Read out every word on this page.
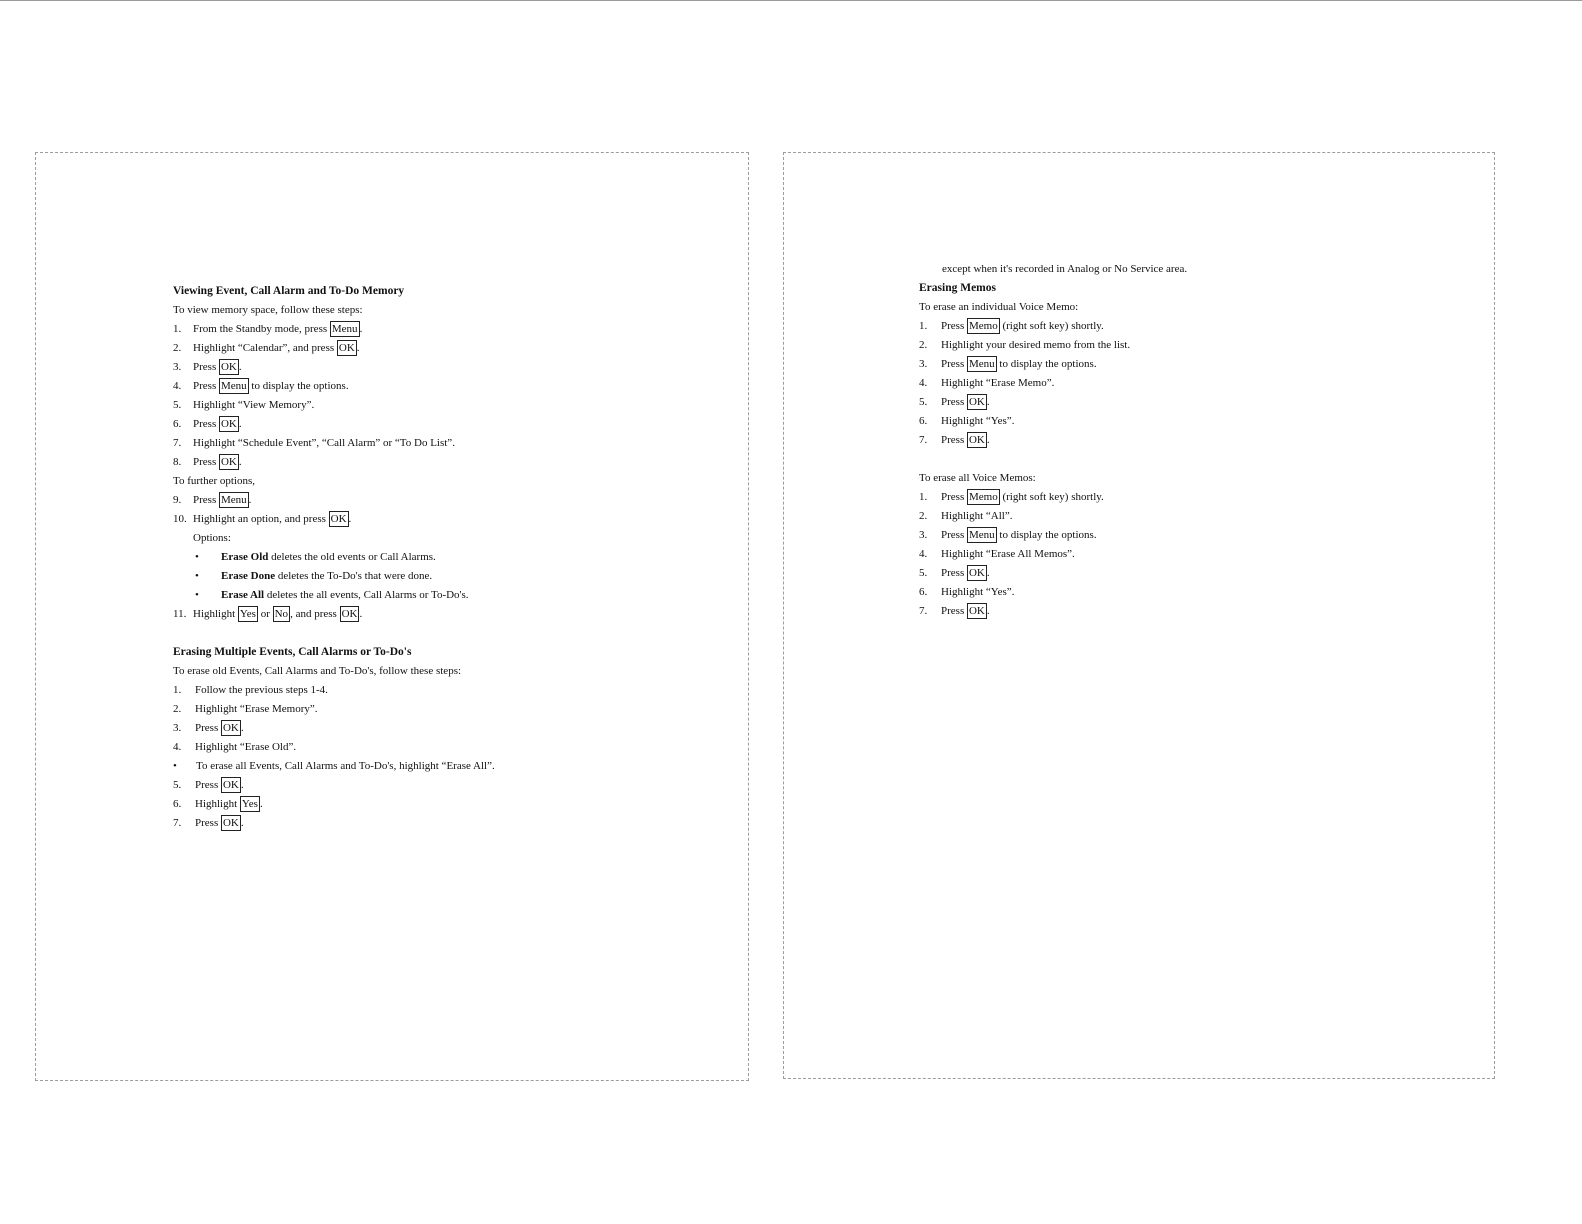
Viewing Event, Call Alarm and To-Do Memory
To view memory space, follow these steps:
1. From the Standby mode, press Menu .
2. Highlight “Calendar”, and press OK .
3. Press OK .
4. Press Menu to display the options.
5. Highlight “View Memory”.
6. Press OK .
7. Highlight “Schedule Event”, “Call Alarm” or “To Do List”.
8. Press OK .
To further options,
9. Press Menu .
10. Highlight an option, and press OK .
Options:
• Erase Old deletes the old events or Call Alarms.
• Erase Done deletes the To-Do's that were done.
• Erase All deletes the all events, Call Alarms or To-Do's.
11. Highlight Yes or No , and press OK .
Erasing Multiple Events, Call Alarms or To-Do's
To erase old Events, Call Alarms and To-Do's, follow these steps:
1. Follow the previous steps 1-4.
2. Highlight “Erase Memory”.
3. Press OK .
4. Highlight “Erase Old”.
• To erase all Events, Call Alarms and To-Do's, highlight “Erase All”.
5. Press OK .
6. Highlight Yes .
7. Press OK .
except when it's recorded in Analog or No Service area.
Erasing Memos
To erase an individual Voice Memo:
1. Press Memo (right soft key) shortly.
2. Highlight your desired memo from the list.
3. Press Menu to display the options.
4. Highlight “Erase Memo”.
5. Press OK .
6. Highlight “Yes”.
7. Press OK .
To erase all Voice Memos:
1. Press Memo (right soft key) shortly.
2. Highlight “All”.
3. Press Menu to display the options.
4. Highlight “Erase All Memos”.
5. Press OK .
6. Highlight “Yes”.
7. Press OK .
